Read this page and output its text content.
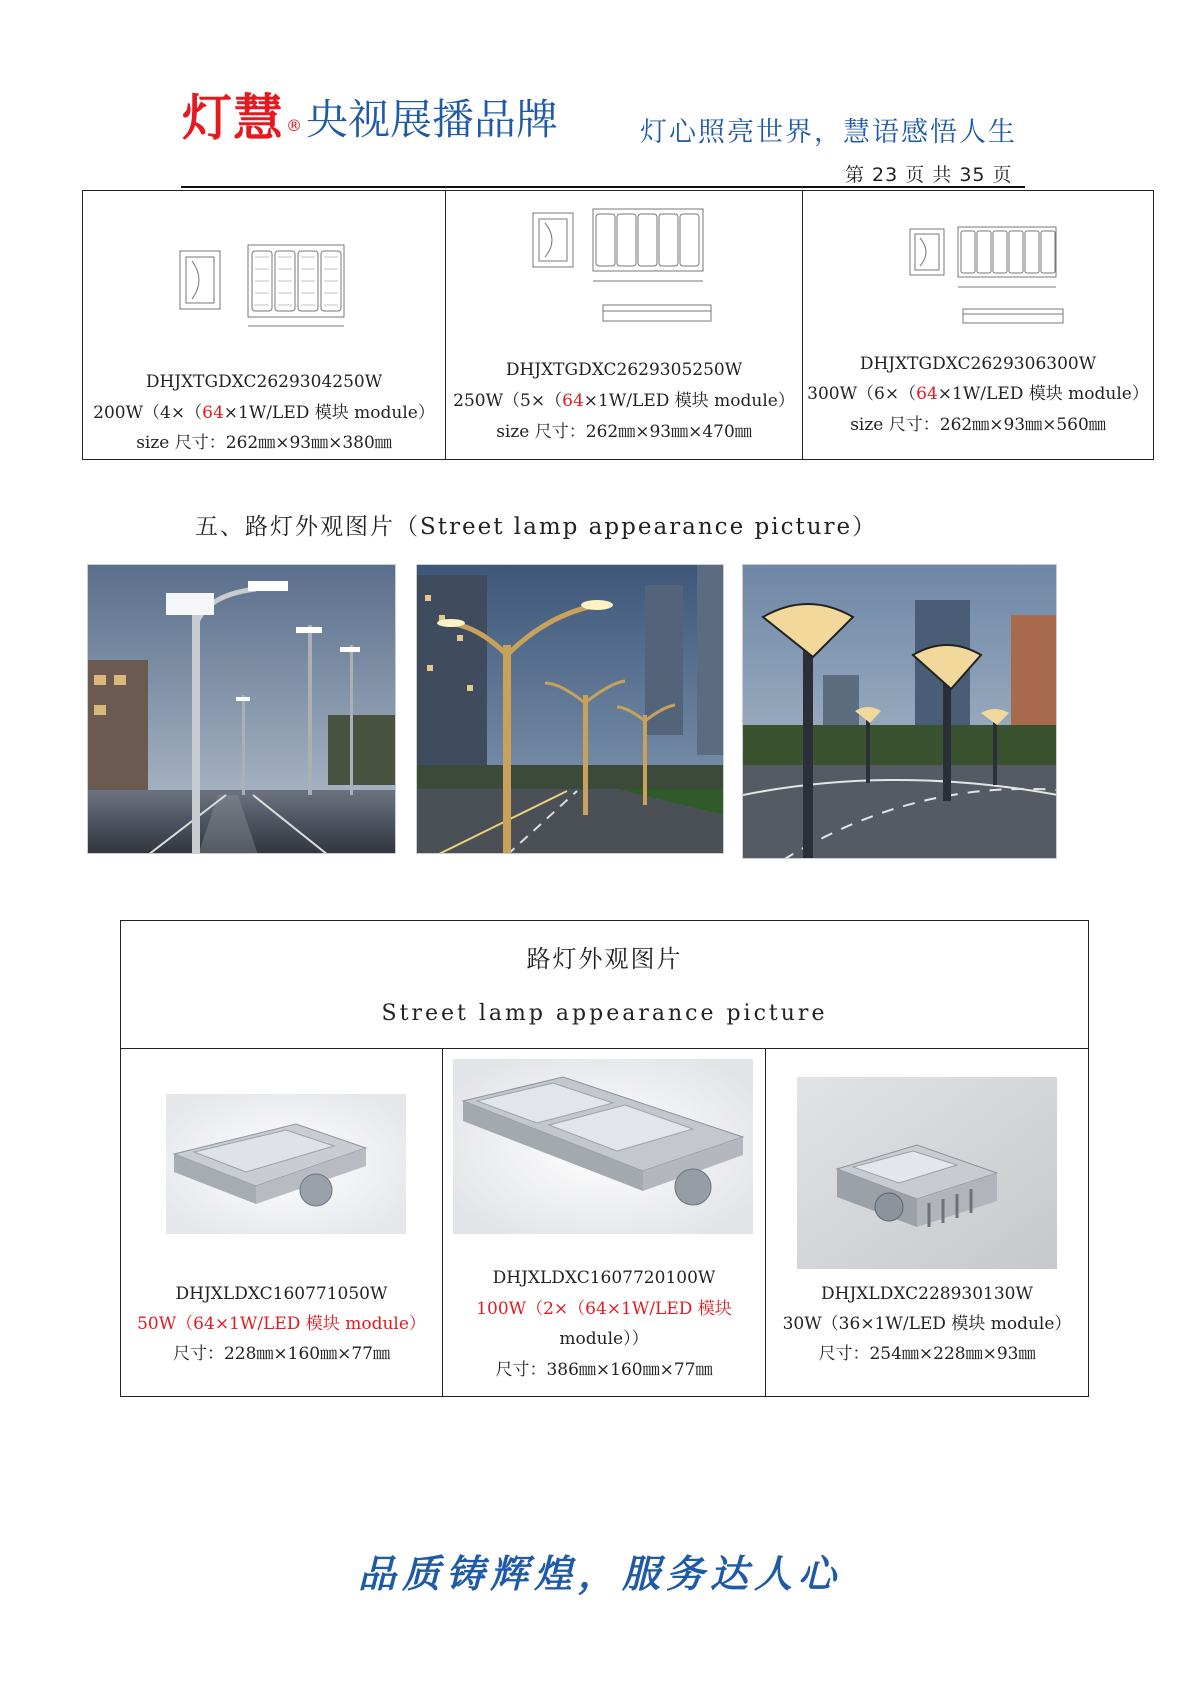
灯慧 ® 央视展播品牌	灯心照亮世界，慧语感悟人生
第 23 页 共 35 页
DHJXTGDXC2629304250W
200W（4×（64×1W/LED 模块 module）
size 尺寸：262㎜×93㎜×380㎜
DHJXTGDXC2629305250W
250W（5×（64×1W/LED 模块 module）
size 尺寸：262㎜×93㎜×470㎜
DHJXTGDXC2629306300W
300W（6×（64×1W/LED 模块 module）
size 尺寸：262㎜×93㎜×560㎜
五、路灯外观图片（Street lamp appearance picture）
路灯外观图片
Street lamp appearance picture
DHJXLDXC160771050W
50W（64×1W/LED 模块 module）
尺寸：228㎜×160㎜×77㎜
DHJXLDXC1607720100W
100W（2×（64×1W/LED 模块
module））
尺寸：386㎜×160㎜×77㎜
DHJXLDXC228930130W
30W（36×1W/LED 模块 module）
尺寸：254㎜×228㎜×93㎜
品质铸辉煌，服务达人心
